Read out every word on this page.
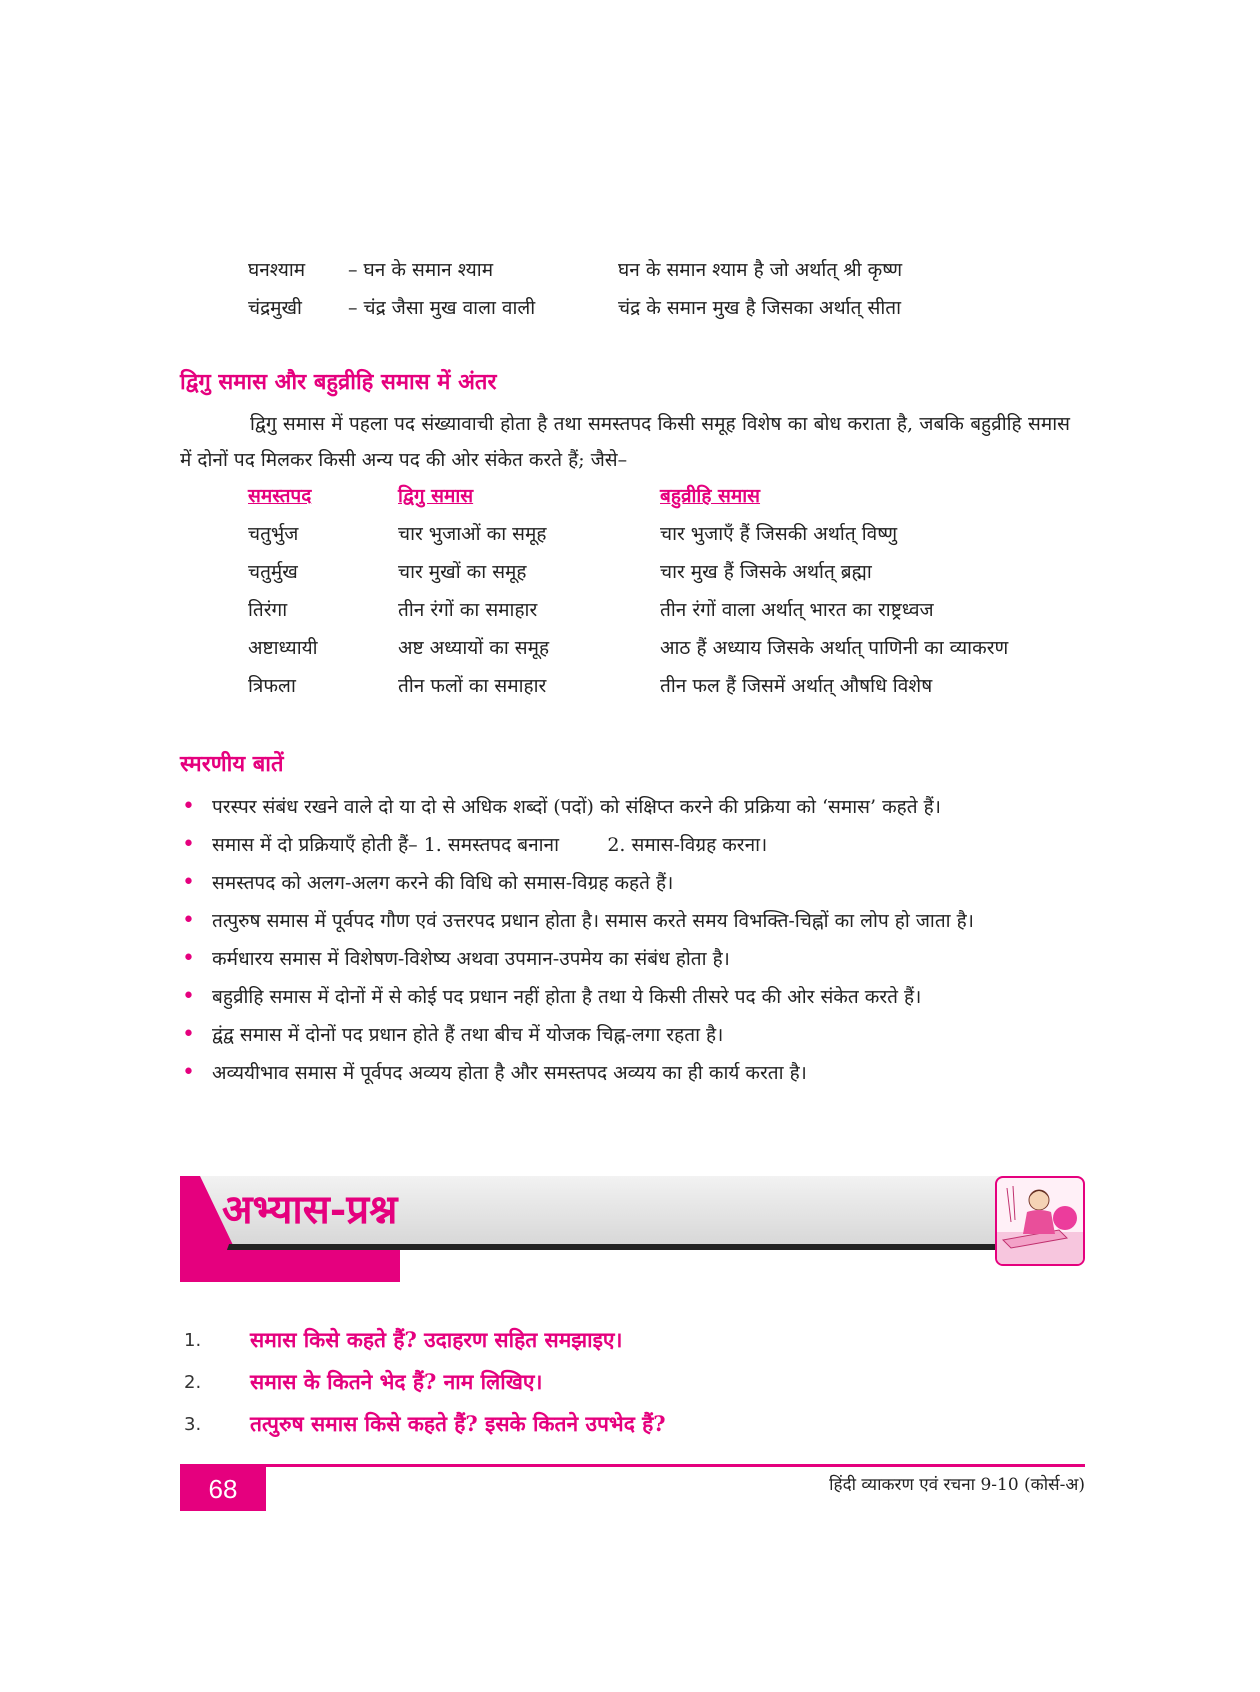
घनश्याम – घन के समान श्याम	घन के समान श्याम है जो अर्थात् श्री कृष्ण
चंद्रमुखी – चंद्र जैसा मुख वाला वाली	चंद्र के समान मुख है जिसका अर्थात् सीता
द्विगु समास और बहुव्रीहि समास में अंतर
द्विगु समास में पहला पद संख्यावाची होता है तथा समस्तपद किसी समूह विशेष का बोध कराता है, जबकि बहुव्रीहि समास में दोनों पद मिलकर किसी अन्य पद की ओर संकेत करते हैं; जैसे–
समस्तपद	द्विगु समास	बहुव्रीहि समास
चतुर्भुज	चार भुजाओं का समूह	चार भुजाएँ हैं जिसकी अर्थात् विष्णु
चतुर्मुख	चार मुखों का समूह	चार मुख हैं जिसके अर्थात् ब्रह्मा
तिरंगा	तीन रंगों का समाहार	तीन रंगों वाला अर्थात् भारत का राष्ट्रध्वज
अष्टाध्यायी	अष्ट अध्यायों का समूह	आठ हैं अध्याय जिसके अर्थात् पाणिनी का व्याकरण
त्रिफला	तीन फलों का समाहार	तीन फल हैं जिसमें अर्थात् औषधि विशेष
स्मरणीय बातें
• परस्पर संबंध रखने वाले दो या दो से अधिक शब्दों (पदों) को संक्षिप्त करने की प्रक्रिया को ‘समास’ कहते हैं।
• समास में दो प्रक्रियाएँ होती हैं– 1. समस्तपद बनाना        2. समास-विग्रह करना।
• समस्तपद को अलग-अलग करने की विधि को समास-विग्रह कहते हैं।
• तत्पुरुष समास में पूर्वपद गौण एवं उत्तरपद प्रधान होता है। समास करते समय विभक्ति-चिह्नों का लोप हो जाता है।
• कर्मधारय समास में विशेषण-विशेष्य अथवा उपमान-उपमेय का संबंध होता है।
• बहुव्रीहि समास में दोनों में से कोई पद प्रधान नहीं होता है तथा ये किसी तीसरे पद की ओर संकेत करते हैं।
• द्वंद्व समास में दोनों पद प्रधान होते हैं तथा बीच में योजक चिह्न-लगा रहता है।
• अव्ययीभाव समास में पूर्वपद अव्यय होता है और समस्तपद अव्यय का ही कार्य करता है।
अभ्यास-प्रश्न
1. समास किसे कहते हैं? उदाहरण सहित समझाइए।
2. समास के कितने भेद हैं? नाम लिखिए।
3. तत्पुरुष समास किसे कहते हैं? इसके कितने उपभेद हैं?
68	हिंदी व्याकरण एवं रचना 9-10 (कोर्स-अ)
